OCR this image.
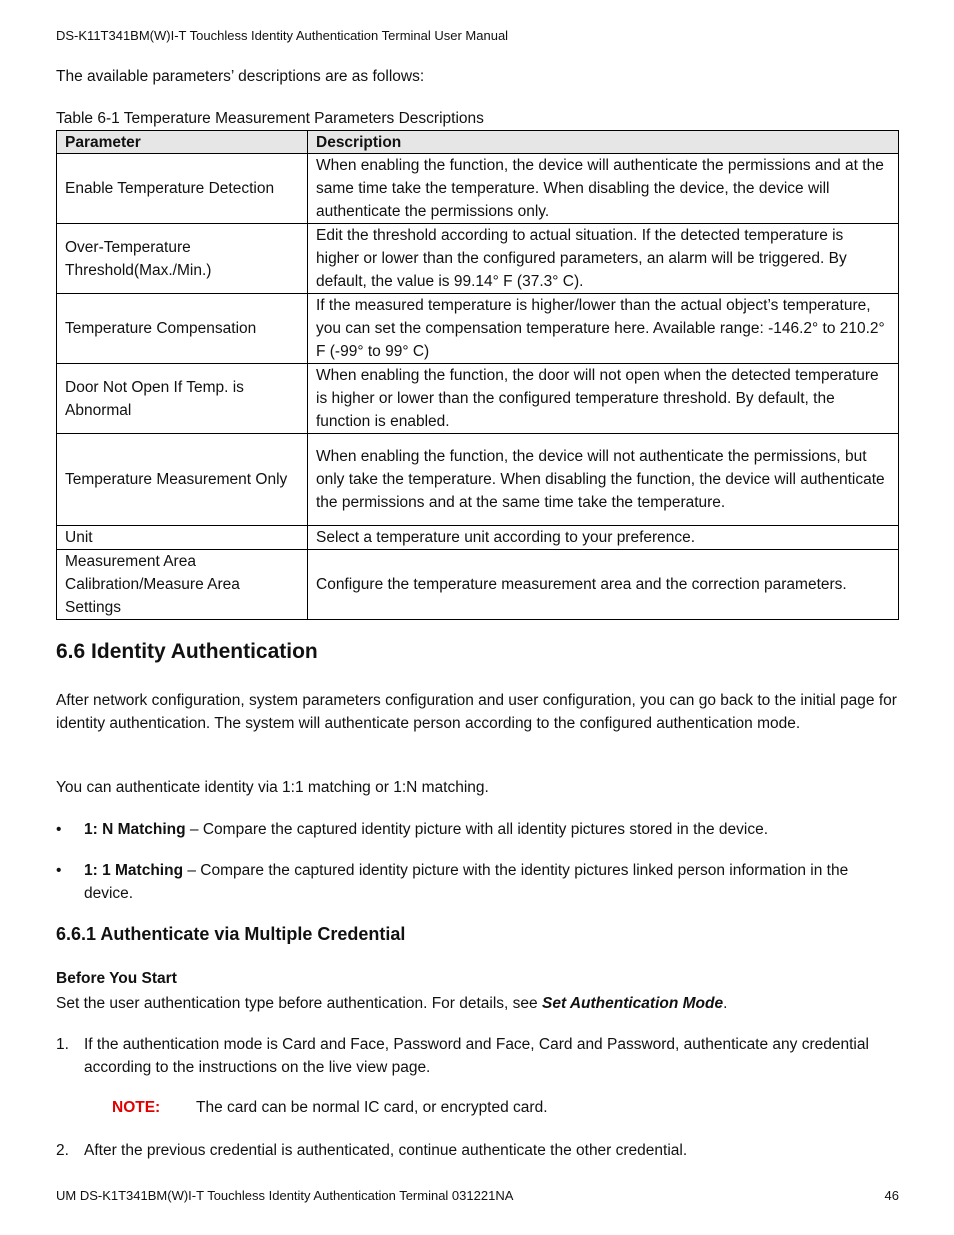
DS-K11T341BM(W)I-T Touchless Identity Authentication Terminal User Manual
The available parameters’ descriptions are as follows:
Table 6-1 Temperature Measurement Parameters Descriptions
Parameter	Description
Enable Temperature Detection	When enabling the function, the device will authenticate the permissions and at the same time take the temperature. When disabling the device, the device will authenticate the permissions only.
Over-Temperature Threshold(Max./Min.)	Edit the threshold according to actual situation. If the detected temperature is higher or lower than the configured parameters, an alarm will be triggered. By default, the value is 99.14° F (37.3° C).
Temperature Compensation	If the measured temperature is higher/lower than the actual object’s temperature, you can set the compensation temperature here. Available range: -146.2° to 210.2° F (-99° to 99° C)
Door Not Open If Temp. is Abnormal	When enabling the function, the door will not open when the detected temperature is higher or lower than the configured temperature threshold. By default, the function is enabled.
Temperature Measurement Only	When enabling the function, the device will not authenticate the permissions, but only take the temperature. When disabling the function, the device will authenticate the permissions and at the same time take the temperature.
Unit	Select a temperature unit according to your preference.
Measurement Area Calibration/Measure Area Settings	Configure the temperature measurement area and the correction parameters.
6.6 Identity Authentication

After network configuration, system parameters configuration and user configuration, you can go back to the initial page for identity authentication. The system will authenticate person according to the configured authentication mode.

You can authenticate identity via 1:1 matching or 1:N matching.

• 1: N Matching – Compare the captured identity picture with all identity pictures stored in the device.
• 1: 1 Matching – Compare the captured identity picture with the identity pictures linked person information in the device.
6.6.1 Authenticate via Multiple Credential
Before You Start

Set the user authentication type before authentication. For details, see Set Authentication Mode.

1. If the authentication mode is Card and Face, Password and Face, Card and Password, authenticate any credential according to the instructions on the live view page.
NOTE: The card can be normal IC card, or encrypted card.
2. After the previous credential is authenticated, continue authenticate the other credential.
UM DS-K1T341BM(W)I-T Touchless Identity Authentication Terminal 031221NA	46
